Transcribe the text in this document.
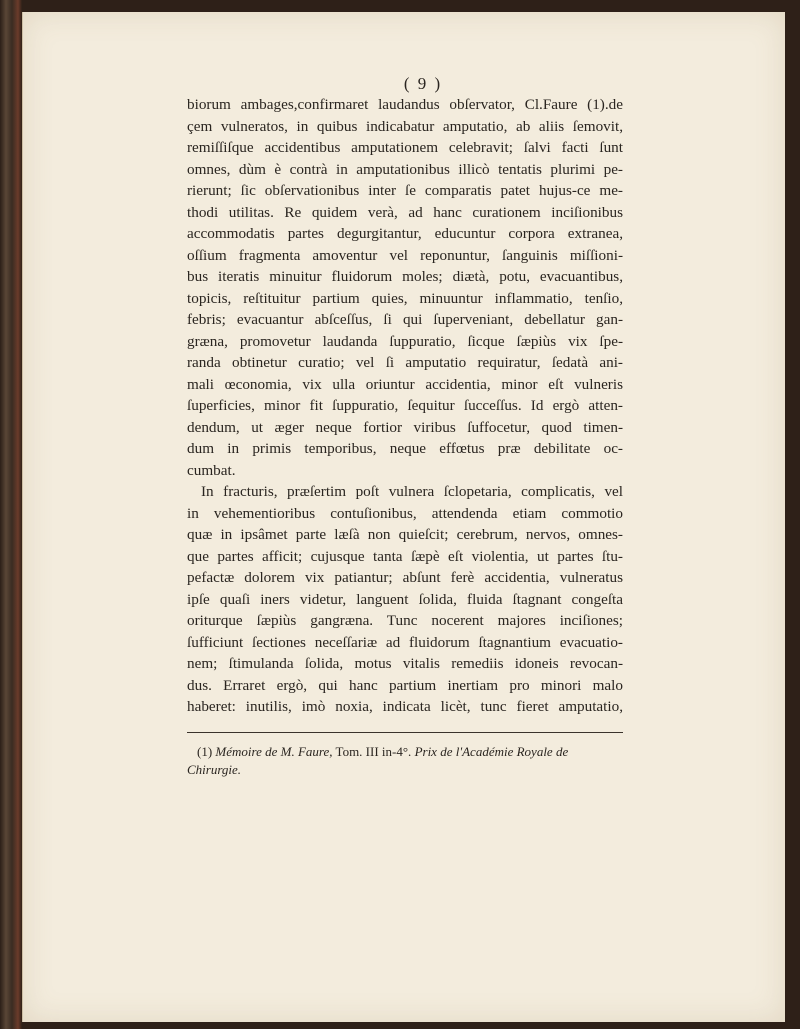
( 9 )
biorum ambages,confirmaret laudandus obſervator, Cl.Faure (1).de
çem vulneratos, in quibus indicabatur amputatio, ab aliis ſemovit,
remiſſiſque accidentibus amputationem celebravit; ſalvi facti ſunt
omnes, dùm è contrà in amputationibus illicò tentatis plurimi pe-
rierunt; ſic obſervationibus inter ſe comparatis patet hujus-ce me-
thodi utilitas. Re quidem verà, ad hanc curationem inciſionibus
accommodatis partes degurgitantur, educuntur corpora extranea,
oſſium fragmenta amoventur vel reponuntur, ſanguinis miſſioni-
bus iteratis minuitur fluidorum moles; diætà, potu, evacuantibus,
topicis, reſtituitur partium quies, minuuntur inflammatio, tenſio,
febris; evacuantur abſceſſus, ſi qui ſuperveniant, debellatur gan-
græna, promovetur laudanda ſuppuratio, ſicque ſæpiùs vix ſpe-
randa obtinetur curatio; vel ſi amputatio requiratur, ſedatà ani-
mali œconomia, vix ulla oriuntur accidentia, minor eſt vulneris
ſuperficies, minor fit ſuppuratio, ſequitur ſucceſſus. Id ergò atten-
dendum, ut æger neque fortior viribus ſuffocetur, quod timen-
dum in primis temporibus, neque effœtus præ debilitate oc-
cumbat.
In fracturis, præſertim poſt vulnera ſclopetaria, complicatis, vel
in vehementioribus contuſionibus, attendenda etiam commotio
quæ in ipsâmet parte læſà non quieſcit; cerebrum, nervos, omnes-
que partes afficit; cujusque tanta ſæpè eſt violentia, ut partes ſtu-
pefactæ dolorem vix patiantur; abſunt ferè accidentia, vulneratus
ipſe quaſi iners videtur, languent ſolida, fluida ſtagnant congeſta
oriturque ſæpiùs gangræna. Tunc nocerent majores inciſiones;
ſufficiunt ſectiones neceſſariæ ad fluidorum ſtagnantium evacuatio-
nem; ſtimulanda ſolida, motus vitalis remediis idoneis revocan-
dus. Erraret ergò, qui hanc partium inertiam pro minori malo
haberet: inutilis, imò noxia, indicata licèt, tunc fieret amputatio,
(1) Mémoire de M. Faure, Tom. III in-4°. Prix de l'Académie Royale de
Chirurgie.
